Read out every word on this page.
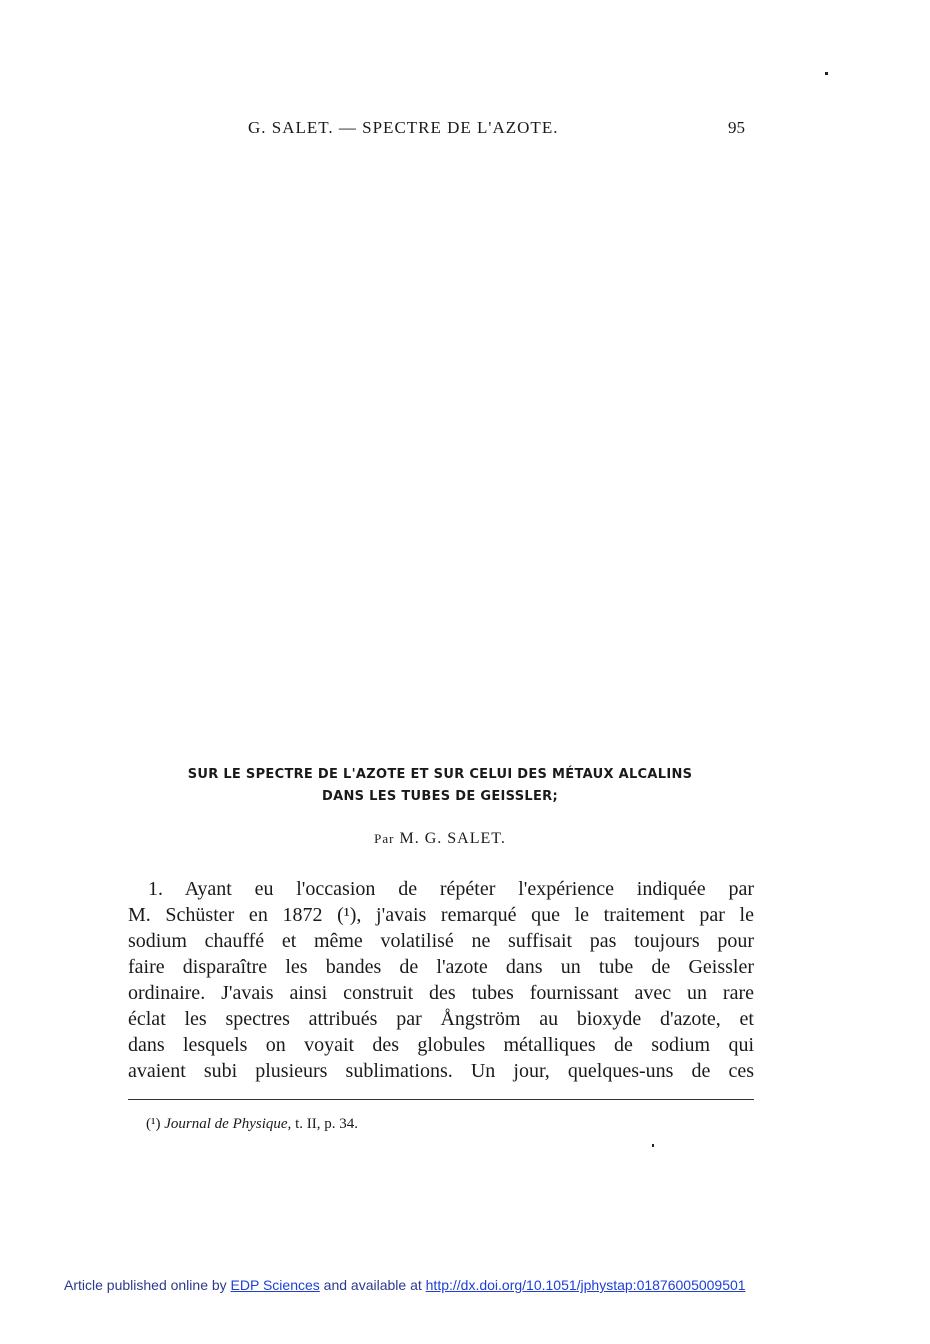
G. SALET. — SPECTRE DE L'AZOTE.	95
SUR LE SPECTRE DE L'AZOTE ET SUR CELUI DES MÉTAUX ALCALINS
DANS LES TUBES DE GEISSLER;
Par M. G. SALET.
1. Ayant eu l'occasion de répéter l'expérience indiquée par
M. Schüster en 1872 (¹), j'avais remarqué que le traitement par le
sodium chauffé et même volatilisé ne suffisait pas toujours pour
faire disparaître les bandes de l'azote dans un tube de Geissler
ordinaire. J'avais ainsi construit des tubes fournissant avec un rare
éclat les spectres attribués par Ångström au bioxyde d'azote, et
dans lesquels on voyait des globules métalliques de sodium qui
avaient subi plusieurs sublimations. Un jour, quelques-uns de ces
(¹) Journal de Physique, t. II, p. 34.
Article published online by EDP Sciences and available at http://dx.doi.org/10.1051/jphystap:01876005009501
